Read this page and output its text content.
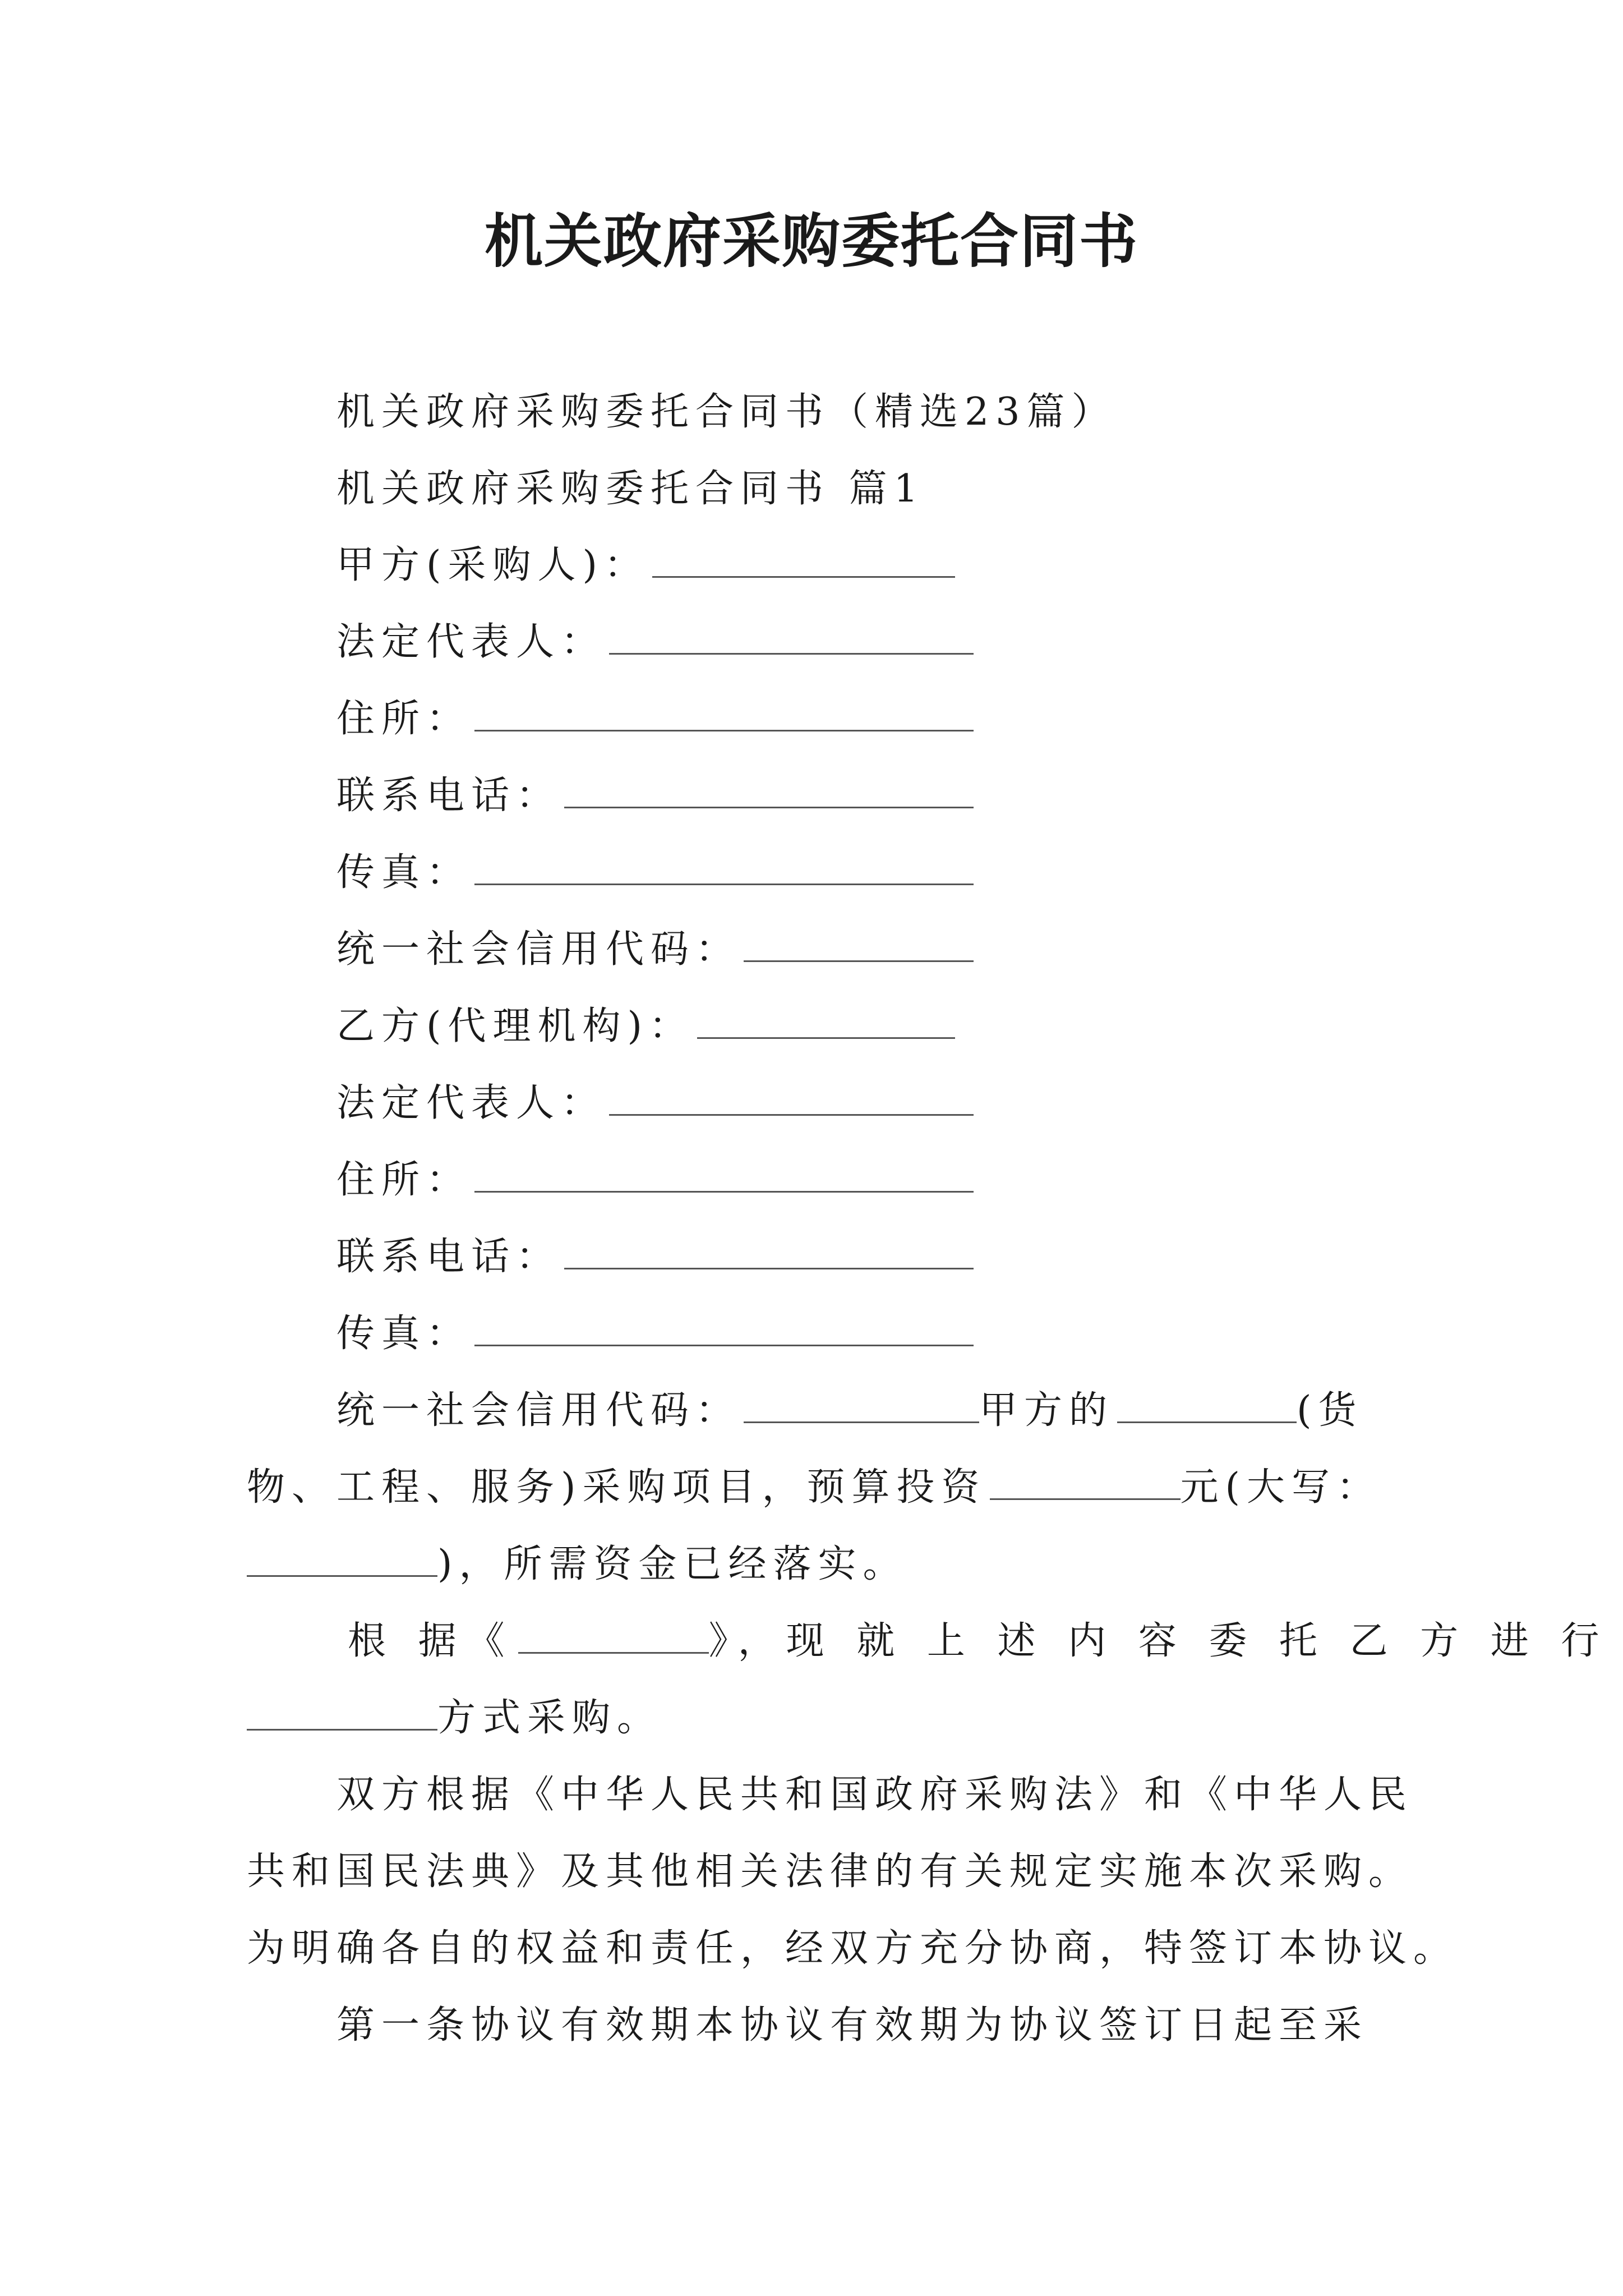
机关政府采购委托合同书
机关政府采购委托合同书（精选23篇）
机关政府采购委托合同书 篇1
甲方(采购人)：
法定代表人：
住所：
联系电话：
传真：
统一社会信用代码：
乙方(代理机构)：
法定代表人：
住所：
联系电话：
传真：
统一社会信用代码：	甲方的	(货
物、工程、服务)采购项目，预算投资	元(大写：
)，所需资金已经落实。
根 据《	》，现 就 上 述 内 容 委 托 乙 方 进 行
方式采购。
双方根据《中华人民共和国政府采购法》和《中华人民
共和国民法典》及其他相关法律的有关规定实施本次采购。
为明确各自的权益和责任，经双方充分协商，特签订本协议。
第一条协议有效期本协议有效期为协议签订日起至采
